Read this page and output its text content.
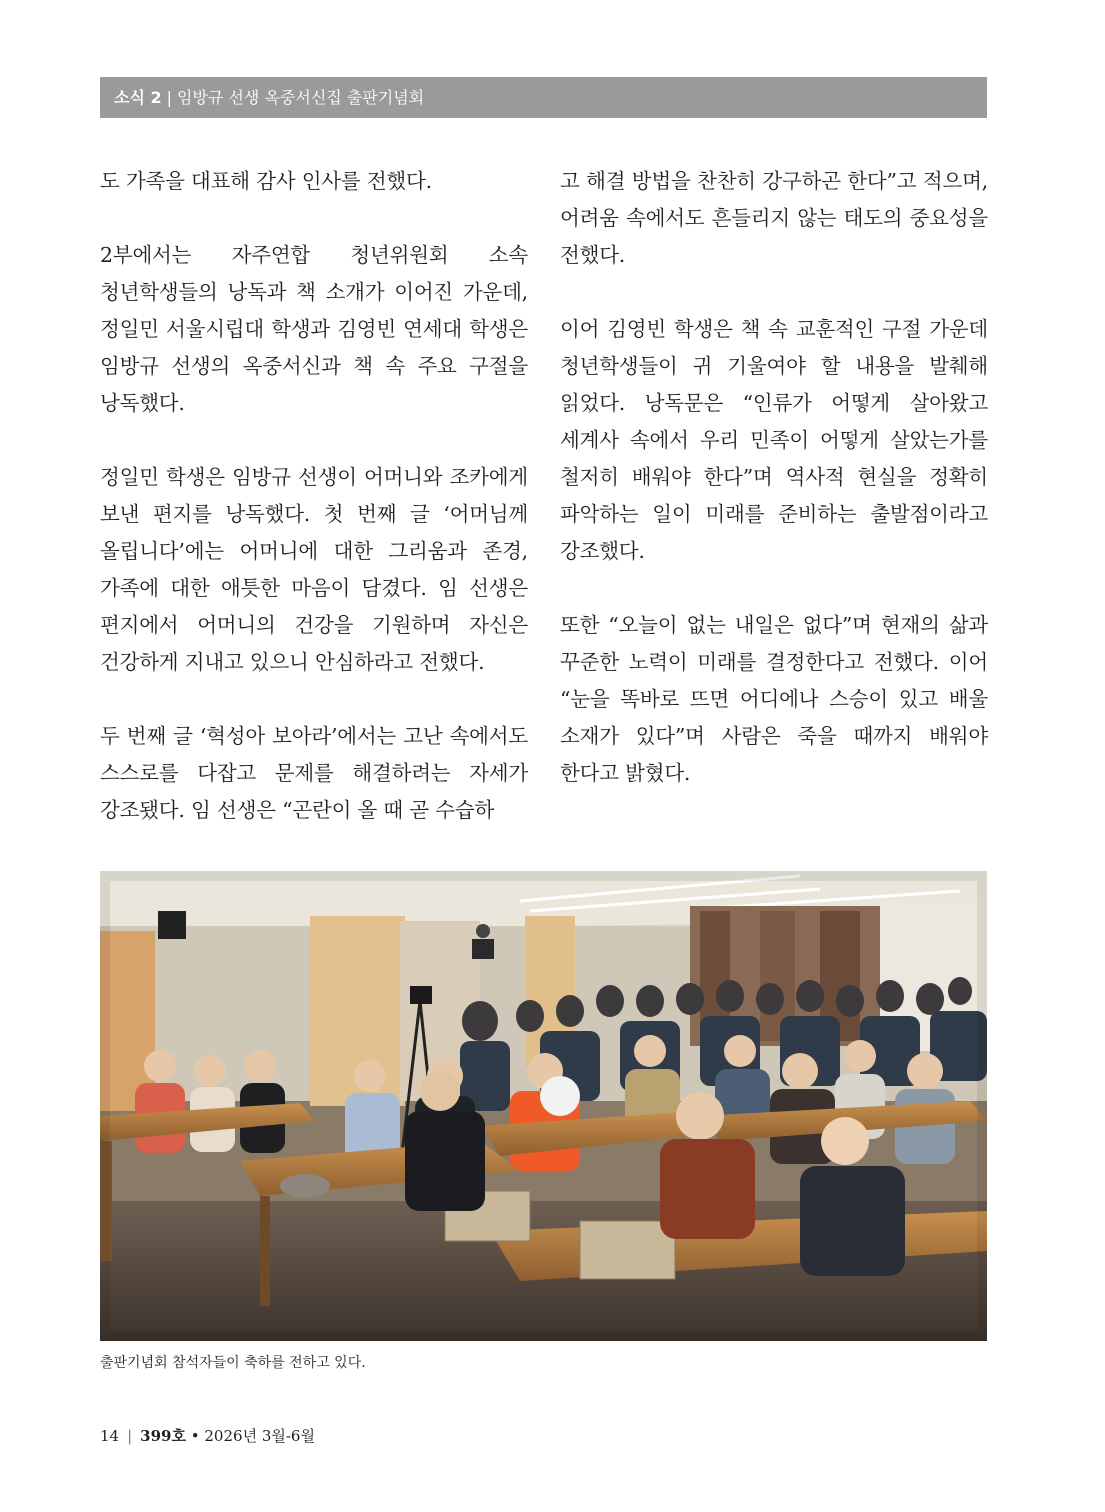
소식 2 | 임방규 선생 옥중서신집 출판기념회

도 가족을 대표해 감사 인사를 전했다.

2부에서는 자주연합 청년위원회 소속 청년학생들의 낭독과 책 소개가 이어진 가운데, 정일민 서울시립대 학생과 김영빈 연세대 학생은 임방규 선생의 옥중서신과 책 속 주요 구절을 낭독했다.

정일민 학생은 임방규 선생이 어머니와 조카에게 보낸 편지를 낭독했다. 첫 번째 글 ‘어머님께 올립니다’에는 어머니에 대한 그리움과 존경, 가족에 대한 애틋한 마음이 담겼다. 임 선생은 편지에서 어머니의 건강을 기원하며 자신은 건강하게 지내고 있으니 안심하라고 전했다.

두 번째 글 ‘혁성아 보아라’에서는 고난 속에서도 스스로를 다잡고 문제를 해결하려는 자세가 강조됐다. 임 선생은 “곤란이 올 때 곧 수습하

고 해결 방법을 찬찬히 강구하곤 한다”고 적으며, 어려움 속에서도 흔들리지 않는 태도의 중요성을 전했다.

이어 김영빈 학생은 책 속 교훈적인 구절 가운데 청년학생들이 귀 기울여야 할 내용을 발췌해 읽었다. 낭독문은 “인류가 어떻게 살아왔고 세계사 속에서 우리 민족이 어떻게 살았는가를 철저히 배워야 한다”며 역사적 현실을 정확히 파악하는 일이 미래를 준비하는 출발점이라고 강조했다.

또한 “오늘이 없는 내일은 없다”며 현재의 삶과 꾸준한 노력이 미래를 결정한다고 전했다. 이어 “눈을 똑바로 뜨면 어디에나 스승이 있고 배울 소재가 있다”며 사람은 죽을 때까지 배워야 한다고 밝혔다.

출판기념회 참석자들이 축하를 전하고 있다.
14 | 399호 • 2026년 3월-6월
